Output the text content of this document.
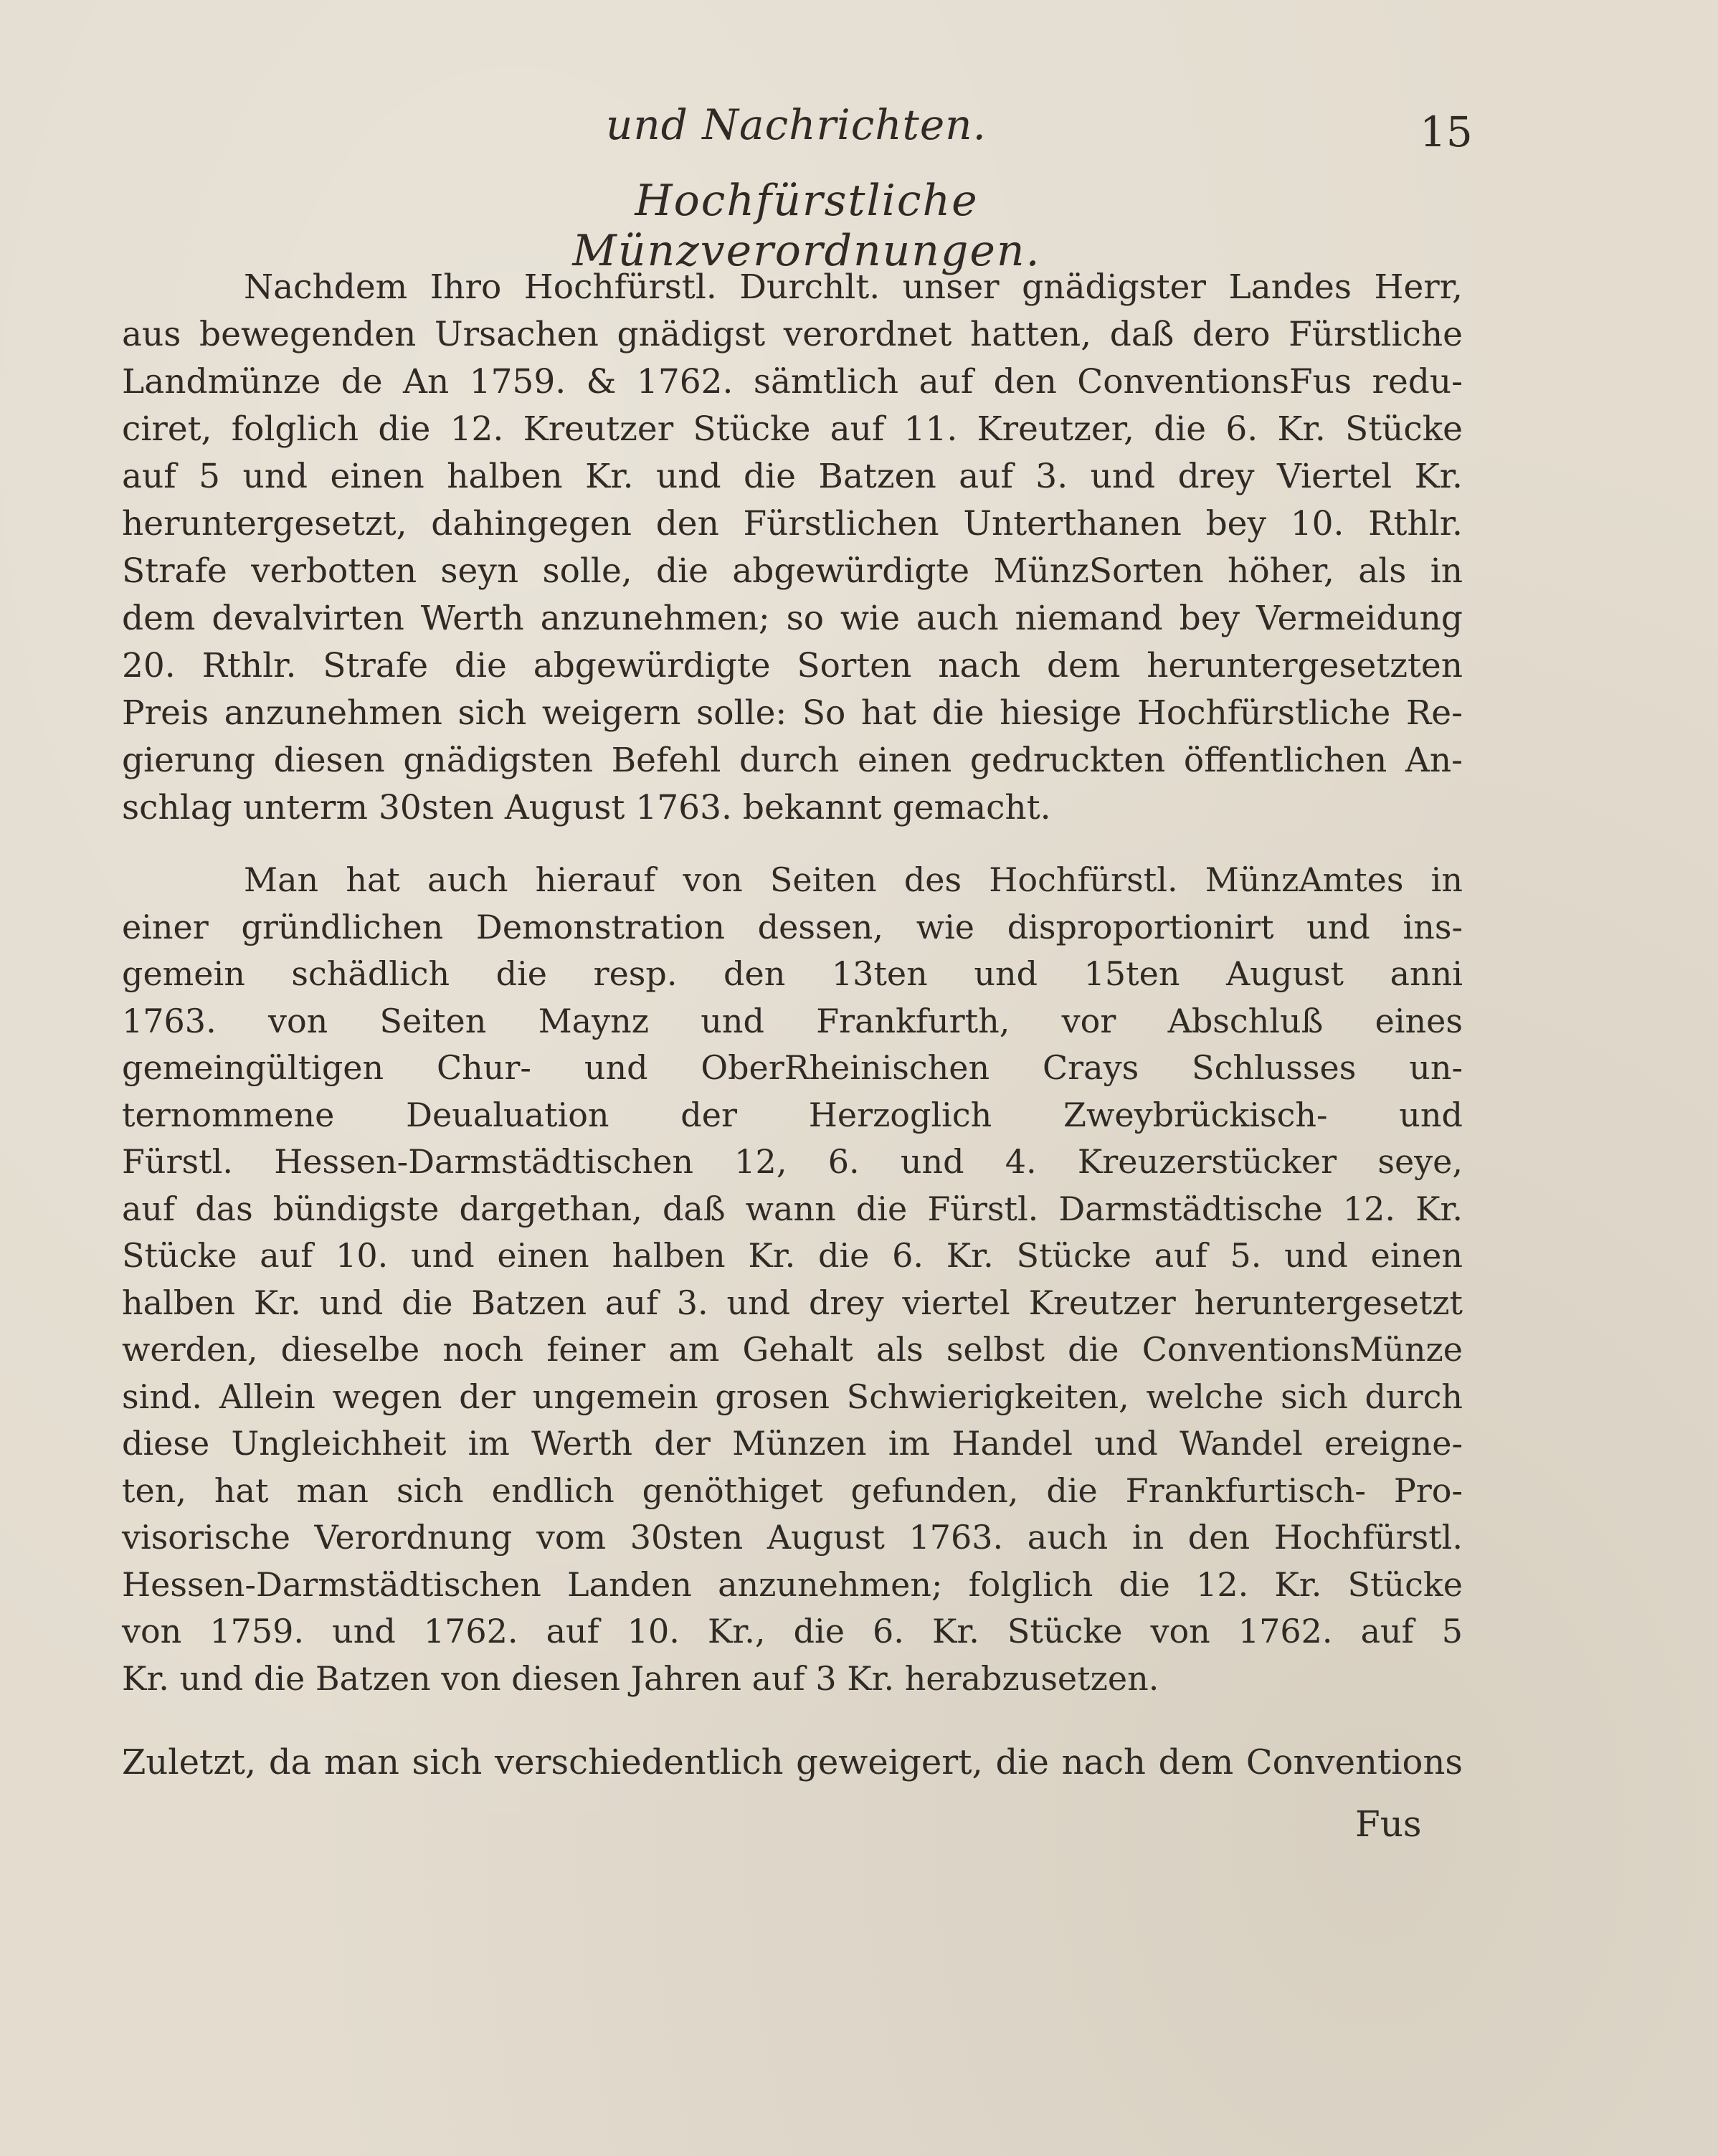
und Nachrichten.	15
Hochfürstliche Münzverordnungen.
Nachdem Ihro Hochfürstl. Durchlt. unser gnädigster Landes Herr,
aus bewegenden Ursachen gnädigst verordnet hatten, daß dero Fürstliche
Landmünze de An 1759. & 1762. sämtlich auf den ConventionsFus redu-
ciret, folglich die 12. Kreutzer Stücke auf 11. Kreutzer, die 6. Kr. Stücke
auf 5 und einen halben Kr. und die Batzen auf 3. und drey Viertel Kr.
heruntergesetzt, dahingegen den Fürstlichen Unterthanen bey 10. Rthlr.
Strafe verbotten seyn solle, die abgewürdigte MünzSorten höher, als in
dem devalvirten Werth anzunehmen; so wie auch niemand bey Vermeidung
20. Rthlr. Strafe die abgewürdigte Sorten nach dem heruntergesetzten
Preis anzunehmen sich weigern solle: So hat die hiesige Hochfürstliche Re-
gierung diesen gnädigsten Befehl durch einen gedruckten öffentlichen An-
schlag unterm 30sten August 1763. bekannt gemacht.
Man hat auch hierauf von Seiten des Hochfürstl. MünzAmtes in
einer gründlichen Demonstration dessen, wie disproportionirt und ins-
gemein schädlich die resp. den 13ten und 15ten August anni
1763. von Seiten Maynz und Frankfurth, vor Abschluß eines
gemeingültigen Chur- und OberRheinischen Crays Schlusses un-
ternommene Deualuation der Herzoglich Zweybrückisch- und
Fürstl. Hessen-Darmstädtischen 12, 6. und 4. Kreuzerstücker seye,
auf das bündigste dargethan, daß wann die Fürstl. Darmstädtische 12. Kr.
Stücke auf 10. und einen halben Kr. die 6. Kr. Stücke auf 5. und einen
halben Kr. und die Batzen auf 3. und drey viertel Kreutzer heruntergesetzt
werden, dieselbe noch feiner am Gehalt als selbst die ConventionsMünze
sind. Allein wegen der ungemein grosen Schwierigkeiten, welche sich durch
diese Ungleichheit im Werth der Münzen im Handel und Wandel ereigne-
ten, hat man sich endlich genöthiget gefunden, die Frankfurtisch- Pro-
visorische Verordnung vom 30sten August 1763. auch in den Hochfürstl.
Hessen-Darmstädtischen Landen anzunehmen; folglich die 12. Kr. Stücke
von 1759. und 1762. auf 10. Kr., die 6. Kr. Stücke von 1762. auf 5
Kr. und die Batzen von diesen Jahren auf 3 Kr. herabzusetzen.
Zuletzt, da man sich verschiedentlich geweigert, die nach dem Conventions
Fus
